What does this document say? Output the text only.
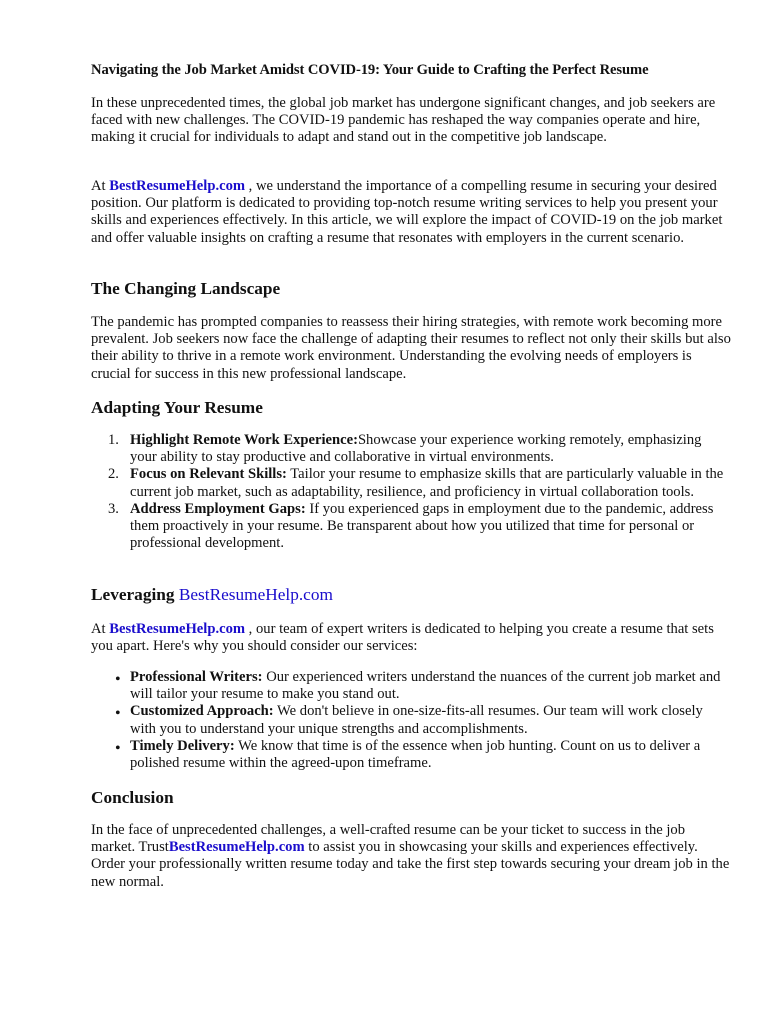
Navigating the Job Market Amidst COVID-19: Your Guide to Crafting the Perfect Resume

In these unprecedented times, the global job market has undergone significant changes, and job seekers are faced with new challenges. The COVID-19 pandemic has reshaped the way companies operate and hire, making it crucial for individuals to adapt and stand out in the competitive job landscape.

At BestResumeHelp.com , we understand the importance of a compelling resume in securing your desired position. Our platform is dedicated to providing top-notch resume writing services to help you present your skills and experiences effectively. In this article, we will explore the impact of COVID-19 on the job market and offer valuable insights on crafting a resume that resonates with employers in the current scenario.

The Changing Landscape

The pandemic has prompted companies to reassess their hiring strategies, with remote work becoming more prevalent. Job seekers now face the challenge of adapting their resumes to reflect not only their skills but also their ability to thrive in a remote work environment. Understanding the evolving needs of employers is crucial for success in this new professional landscape.

Adapting Your Resume
1. Highlight Remote Work Experience:Showcase your experience working remotely, emphasizing your ability to stay productive and collaborative in virtual environments.
2. Focus on Relevant Skills: Tailor your resume to emphasize skills that are particularly valuable in the current job market, such as adaptability, resilience, and proficiency in virtual collaboration tools.
3. Address Employment Gaps: If you experienced gaps in employment due to the pandemic, address them proactively in your resume. Be transparent about how you utilized that time for personal or professional development.
Leveraging BestResumeHelp.com

At BestResumeHelp.com , our team of expert writers is dedicated to helping you create a resume that sets you apart. Here's why you should consider our services:

• Professional Writers: Our experienced writers understand the nuances of the current job market and will tailor your resume to make you stand out.
• Customized Approach: We don't believe in one-size-fits-all resumes. Our team will work closely with you to understand your unique strengths and accomplishments.
• Timely Delivery: We know that time is of the essence when job hunting. Count on us to deliver a polished resume within the agreed-upon timeframe.
Conclusion

In the face of unprecedented challenges, a well-crafted resume can be your ticket to success in the job market. TrustBestResumeHelp.com to assist you in showcasing your skills and experiences effectively. Order your professionally written resume today and take the first step towards securing your dream job in the new normal.
